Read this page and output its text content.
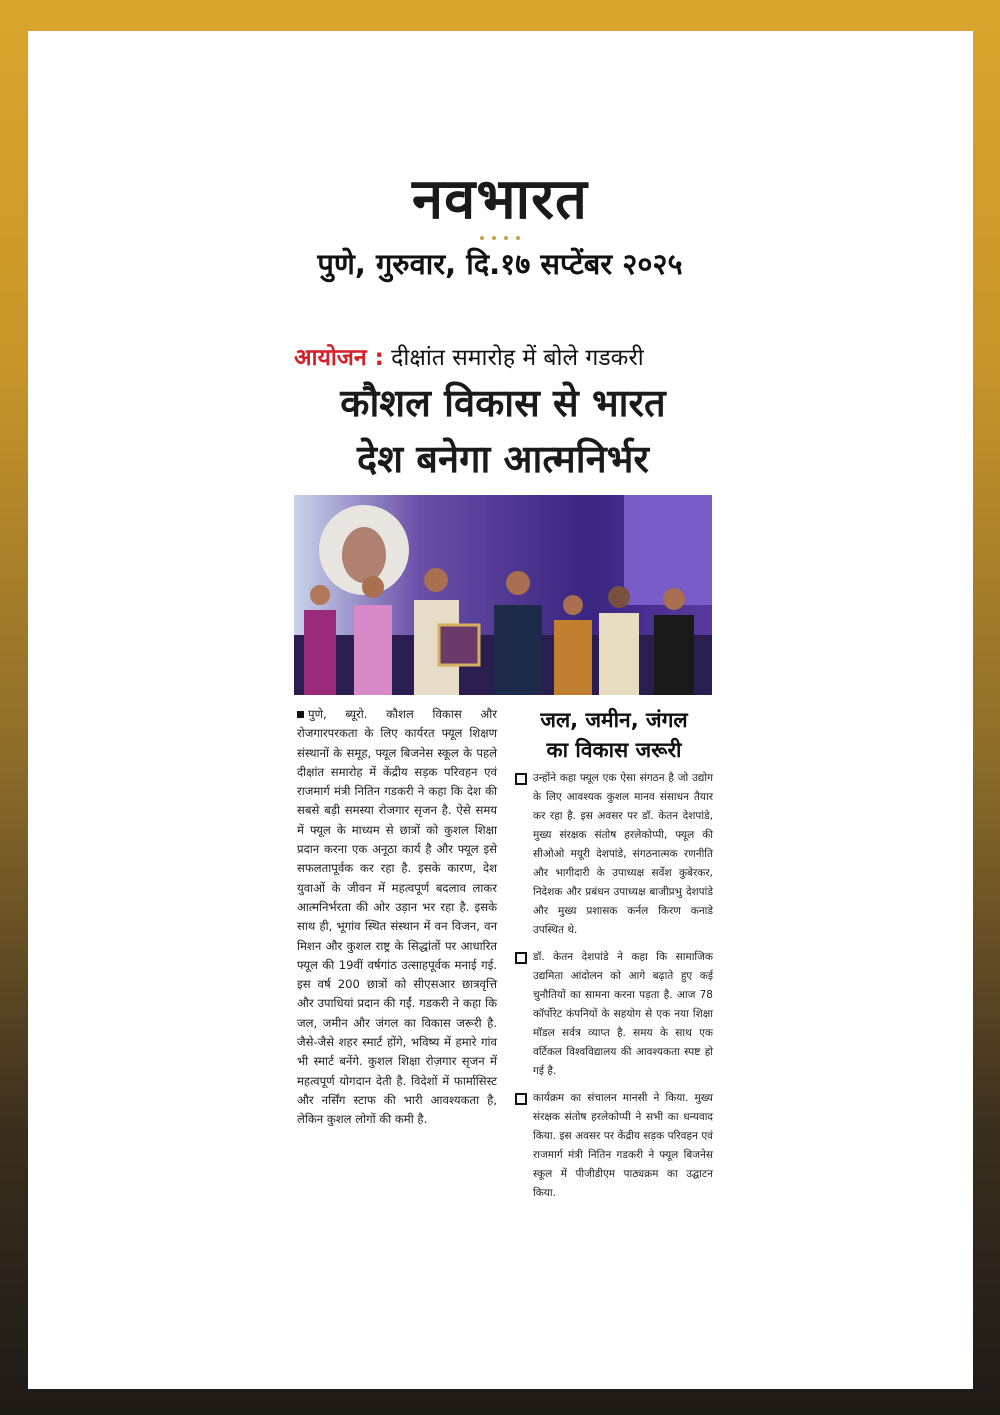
नवभारत
पुणे, गुरुवार, दि.१७ सप्टेंबर २०२५
आयोजन : दीक्षांत समारोह में बोले गडकरी
कौशल विकास से भारत
देश बनेगा आत्मनिर्भर
पुणे, ब्यूरो. कौशल विकास और रोजगारपरकता के लिए कार्यरत फ्यूल शिक्षण संस्थानों के समूह, फ्यूल बिजनेस स्कूल के पहले दीक्षांत समारोह में केंद्रीय सड़क परिवहन एवं राजमार्ग मंत्री नितिन गडकरी ने कहा कि देश की सबसे बड़ी समस्या रोजगार सृजन है. ऐसे समय में फ्यूल के माध्यम से छात्रों को कुशल शिक्षा प्रदान करना एक अनूठा कार्य है और फ्यूल इसे सफलतापूर्वक कर रहा है. इसके कारण, देश युवाओं के जीवन में महत्वपूर्ण बदलाव लाकर आत्मनिर्भरता की ओर उड़ान भर रहा है. इसके साथ ही, भूगांव स्थित संस्थान में वन विजन, वन मिशन और कुशल राष्ट्र के सिद्धांतों पर आधारित फ्यूल की 19वीं वर्षगांठ उत्साहपूर्वक मनाई गई. इस वर्ष 200 छात्रों को सीएसआर छात्रवृत्ति और उपाधियां प्रदान की गईं. गडकरी ने कहा कि जल, जमीन और जंगल का विकास जरूरी है. जैसे-जैसे शहर स्मार्ट होंगे, भविष्य में हमारे गांव भी स्मार्ट बनेंगे. कुशल शिक्षा रोज़गार सृजन में महत्वपूर्ण योगदान देती है. विदेशों में फार्मासिस्ट और नर्सिंग स्टाफ की भारी आवश्यकता है, लेकिन कुशल लोगों की कमी है.
जल, जमीन, जंगल
का विकास जरूरी
उन्होंने कहा फ्यूल एक ऐसा संगठन है जो उद्योग के लिए आवश्यक कुशल मानव संसाधन तैयार कर रहा है. इस अवसर पर डॉ. केतन देशपांडे, मुख्य संरक्षक संतोष हरलेकोप्पी, फ्यूल की सीओओ मयूरी देशपांडे, संगठनात्मक रणनीति और भागीदारी के उपाध्यक्ष सर्वेश कुबेरकर, निदेशक और प्रबंधन उपाध्यक्ष बाजीप्रभु देशपांडे और मुख्य प्रशासक कर्नल किरण कनाडे उपस्थित थे.
डॉ. केतन देशपांडे ने कहा कि सामाजिक उद्यमिता आंदोलन को आगे बढ़ाते हुए कई चुनौतियों का सामना करना पड़ता है. आज 78 कॉर्पोरेट कंपनियों के सहयोग से एक नया शिक्षा मॉडल सर्वत्र व्याप्त है. समय के साथ एक वर्टिकल विश्वविद्यालय की आवश्यकता स्पष्ट हो गई है.
कार्यक्रम का संचालन मानसी ने किया. मुख्य संरक्षक संतोष हरलेकोप्पी ने सभी का धन्यवाद किया. इस अवसर पर केंद्रीय सड़क परिवहन एवं राजमार्ग मंत्री नितिन गडकरी ने फ्यूल बिजनेस स्कूल में पीजीडीएम पाठ्यक्रम का उद्घाटन किया.
